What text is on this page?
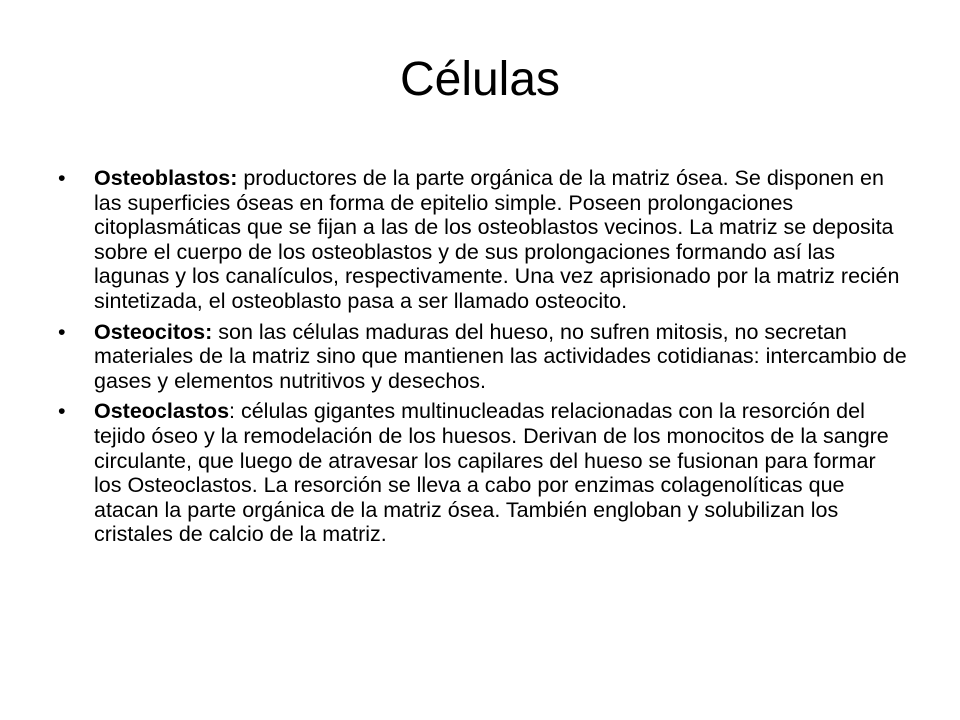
Células
• Osteoblastos: productores de la parte orgánica de la matriz ósea. Se disponen en las superficies óseas en forma de epitelio simple. Poseen prolongaciones citoplasmáticas que se fijan a las de los osteoblastos vecinos. La matriz se deposita sobre el cuerpo de los osteoblastos y de sus prolongaciones formando así las lagunas y los canalículos, respectivamente. Una vez aprisionado por la matriz recién sintetizada, el osteoblasto pasa a ser llamado osteocito.
• Osteocitos: son las células maduras del hueso, no sufren mitosis, no secretan materiales de la matriz sino que mantienen las actividades cotidianas: intercambio de gases y elementos nutritivos y desechos.
• Osteoclastos: células gigantes multinucleadas relacionadas con la resorción del tejido óseo y la remodelación de los huesos. Derivan de los monocitos de la sangre circulante, que luego de atravesar los capilares del hueso se fusionan para formar los Osteoclastos. La resorción se lleva a cabo por enzimas colagenolíticas que atacan la parte orgánica de la matriz ósea. También engloban y solubilizan los cristales de calcio de la matriz.
